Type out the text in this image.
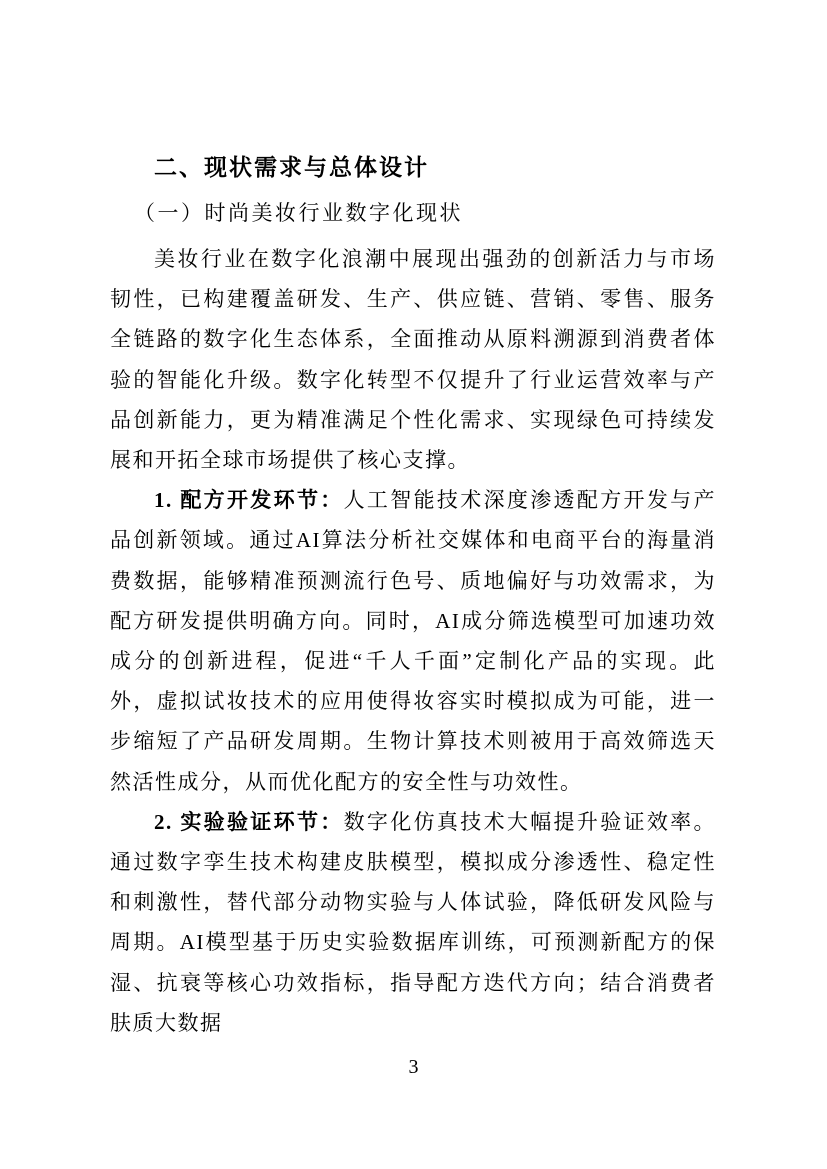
二、现状需求与总体设计
（一）时尚美妆行业数字化现状

美妆行业在数字化浪潮中展现出强劲的创新活力与市场韧性，已构建覆盖研发、生产、供应链、营销、零售、服务全链路的数字化生态体系，全面推动从原料溯源到消费者体验的智能化升级。数字化转型不仅提升了行业运营效率与产品创新能力，更为精准满足个性化需求、实现绿色可持续发展和开拓全球市场提供了核心支撑。

1. 配方开发环节：人工智能技术深度渗透配方开发与产品创新领域。通过AI算法分析社交媒体和电商平台的海量消费数据，能够精准预测流行色号、质地偏好与功效需求，为配方研发提供明确方向。同时，AI成分筛选模型可加速功效成分的创新进程，促进“千人千面”定制化产品的实现。此外，虚拟试妆技术的应用使得妆容实时模拟成为可能，进一步缩短了产品研发周期。生物计算技术则被用于高效筛选天然活性成分，从而优化配方的安全性与功效性。

2. 实验验证环节：数字化仿真技术大幅提升验证效率。通过数字孪生技术构建皮肤模型，模拟成分渗透性、稳定性和刺激性，替代部分动物实验与人体试验，降低研发风险与周期。AI模型基于历史实验数据库训练，可预测新配方的保湿、抗衰等核心功效指标，指导配方迭代方向；结合消费者肤质大数据

3
